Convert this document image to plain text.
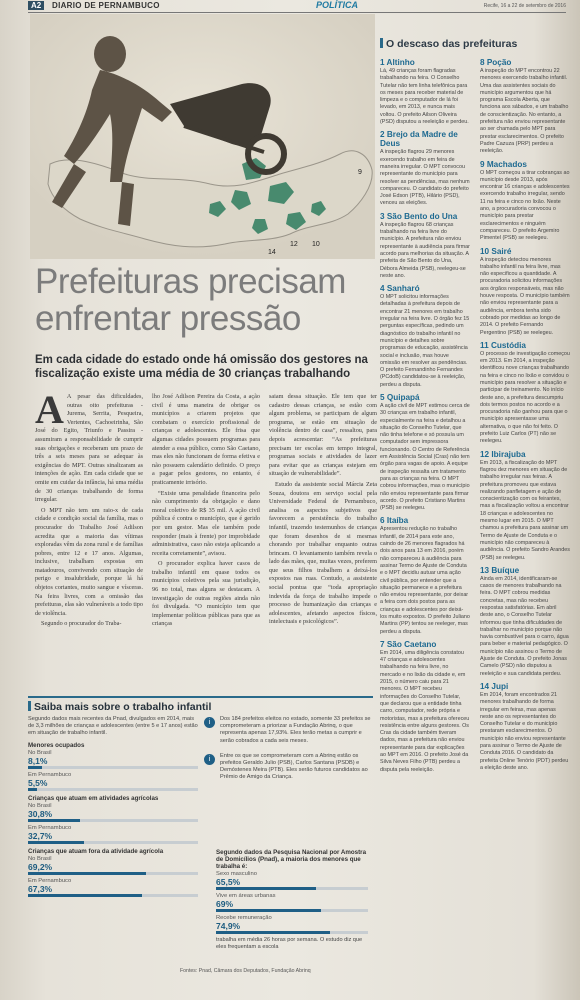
A2	DIARIO DE PERNAMBUCO	POLÍTICA	Recife, 16 a 22 de setembro de 2016
9
12 10
14
Prefeituras precisam enfrentar pressão
Em cada cidade do estado onde há omissão dos gestores na fiscalização existe uma média de 30 crianças trabalhando

A A pesar das dificuldades, outras oito prefeituras - Jurema, Serrita, Pesqueira, Vertentes, Cachoeirinha, São José do Egito, Triunfo e Passira - assumiram a responsabilidade de cumprir suas obrigações e receberam um prazo de três a seis meses para se adequar às exigências do MPT. Outras sinalizaram as intenções de ação. Em cada cidade que se omite em cuidar da infância, há uma média de 30 crianças trabalhando de forma irregular.

O MPT não tem um raio-x de cada cidade e condição social da família, mas o procurador do Trabalho José Adilson acredita que a maioria das vítimas exploradas vêm da zona rural e de famílias pobres, entre 12 e 17 anos. Algumas, inclusive, trabalham expostas em matadouros, convivendo com situação de perigo e insalubridade, porque lá há objetos cortantes, muito sangue e vísceras. Na feira livres, com a omissão das prefeituras, elas são vulneráveis a todo tipo de violência.

Segundo o procurador do Traba-

lho José Adilson Pereira da Costa, a ação civil é uma maneira de obrigar os municípios a criarem projetos que combatam o exercício profissional de crianças e adolescentes. Ele frisa que algumas cidades possuem programas para atender a essa público, como São Caetano, mas eles não funcionam de forma efetiva e não possuem calendário definido. O preço a pagar pelos gestores, no entanto, é praticamente irrisório.

“Existe uma penalidade financeira pelo não cumprimento da obrigação e dano moral coletivo de R$ 35 mil. A ação civil pública é contra o município, que é gerido por um gestor. Mas ele também pode responder (mais à frente) por improbidade administrativa, caso não esteja aplicando a receita corretamente”, avisou.

O procurador explica haver casos de trabalho infantil em quase todos os municípios coletivos pela sua jurisdição, 96 no total, mas alguns se destacam. A investigação de outras regiões ainda não foi divulgada. “O município tem que implementar políticas públicas para que as crianças

saiam dessa situação. Ele tem que ter cadastro dessas crianças, se estão com algum problema, se participam de algum programa, se estão em situação de violência dentro de casa”, ressaltou, para depois acrescentar: “As prefeituras precisam ter escolas em tempo integral, programas sociais e atividades de lazer para evitar que as crianças estejam em situação de vulnerabilidade”.

Estudo da assistente social Márcia Zeta Souza, doutora em serviço social pela Universidade Federal de Pernambuco, analisa os aspectos subjetivos que favorecem a persistência do trabalho infantil, trazendo testemunhos de crianças que foram desenhos de si mesmas chorando por trabalhar enquanto outras brincam. O levantamento também revela o lado das mães, que, muitas vezes, preferem que seus filhos trabalhem a deixá-los expostos nas ruas. Contudo, a assistente social pontua que “toda apropriação indevida da força de trabalho impede o processo de humanização das crianças e adolescentes, afetando aspectos físicos, intelectuais e psicológicos”.

O descaso das prefeituras
1 Altinho

Lá, 49 crianças foram flagradas trabalhando na feira. O Conselho Tutelar não tem linha telefônica para os meses para receber material de limpeza e o computador de lá foi levado, em 2013, e nunca mais voltou. O prefeito Ailson Oliveira (PSD) disputou a reeleição e perdeu.

2 Brejo da Madre de Deus

A inspeção flagrou 29 menores exercendo trabalho em feira de maneira irregular. O MPT convocou representante do município para resolver as pendências, mas nenhum compareceu. O candidato do prefeito José Edson (PTB), Hilário (PSD), venceu as eleições.

3 São Bento do Una

A inspeção flagrou 68 crianças trabalhando na feira livre do município. A prefeitura não enviou representante à audiência para firmar acordo para melhorias da situação. A prefeita de São Bento do Una, Débora Almeida (PSB), reelegeu-se neste ano.

4 Sanharó

O MPT solicitou informações detalhadas à prefeitura depois de encontrar 21 menores em trabalho irregular na feira livre. O órgão fez 15 perguntas específicas, pedindo um diagnóstico do trabalho infantil no município e detalhes sobre programas de educação, assistência social e inclusão, mas houve omissão em resolver as pendências. O prefeito Fernandinho Fernandes (PCdoB) candidatou-se à reeleição, perdeu a disputa.

5 Quipapá

A ação civil de MPT estimou cerca de 30 crianças em trabalho infantil, especialmente na feira e detalhou a situação do Conselho Tutelar, que não tinha telefone e só possuía um computador sem impressora funcionando. O Centro de Referência em Assistência Social (Cras) não tem órgão para vagas de apoio. A equipe de inspeção ressalta um tratamento para as crianças na feira. O MPT cobrou informações, mas o município não enviou representante para firmar acordo. O prefeito Cristiano Martins (PSB) se reelegeu.

6 Itaíba

Apresentou redução no trabalho infantil, de 2014 para este ano, caindo de 26 menores flagrados há dois anos para 13 em 2016, porém não compareceu à audiência para assinar Termo de Ajuste de Conduta e o MPT decidiu autuar uma ação civil pública, por entender que a situação permanece e a prefeitura não enviou representante, por deixar a feira com dois postos para as crianças e adolescentes por deixá-los muito expostos. O prefeito Juliano Martins (PP) tentou se reeleger, mas perdeu a disputa.

7 São Caetano

Em 2014, uma diligência constatou 47 crianças e adolescentes trabalhando na feira livre, no mercado e no lixão da cidade e, em 2015, o número caiu para 21 menores. O MPT recebeu informações do Conselho Tutelar, que declarou que a entidade tinha carro, computador, rede própria e motoristas, mas a prefeitura ofereceu resistência entre alguns gestores. Os Cras da cidade também tiveram dados, mas a prefeitura não enviou representante para dar explicações ao MPT em 2016. O prefeito José da Silva Neves Filho (PTB) perdeu a disputa pela reeleição.

8 Poção

A inspeção do MPT encontrou 22 menores exercendo trabalho infantil. Uma das assistentes sociais do município argumentou que há programa Escola Aberta, que funciona aos sábados, e um trabalho de conscientização. No entanto, a prefeitura não enviou representante ao ser chamada pelo MPT para prestar esclarecimentos. O prefeito Padre Cazuza (PRP) perdeu a reeleição.

9 Machados

O MPT começou a tirar cobranças ao município desde 2013, após encontrar 16 crianças e adolescentes exercendo trabalho irregular, sendo 11 na feira e cinco no lixão. Neste ano, a procuradoria convocou o município para prestar esclarecimentos e ninguém compareceu. O prefeito Argemiro Pimentel (PSB) se reelegeu.

10 Sairé

A inspeção detectou menores trabalho infantil na feira livre, mas não especificou a quantidade. A procuradoria solicitou informações aos órgãos responsáveis, mas não houve resposta. O município também não enviou representante para a audiência, embora tenha sido cobrado por medidas ao longo de 2014. O prefeito Fernando Pergentino (PSB) se reelegeu.

11 Custódia

O processo de investigação começou em 2013. Em 2014, a inspeção identificou nove crianças trabalhando na feira e cinco no lixão e convidou o município para resolver a situação e participar de treinamento. No início deste ano, a prefeitura descumpriu dois termos postos no acordo e a procuradoria não ganhou para que o município apresentasse uma alternativa, o que não foi feito. O prefeito Luiz Carlos (PT) não se reelegeu.

12 Ibirajuba

Em 2013, a fiscalização do MPT flagrou dez menores em situação de trabalho irregular nas feiras. A prefeitura promoveu que estava realizando panfletagem e ação de conscientização com os feirantes, mas a fiscalização voltou a encontrar 18 crianças e adolescentes no mesmo lugar em 2015. O MPT chamou a prefeitura para assinar um Termo de Ajuste de Conduta e o município não compareceu à audiência. O prefeito Sandro Arandes (PSB) se reelegeu.

13 Buíque

Ainda em 2014, identificaram-se casos de menores trabalhando na feira. O MPT cobrou medidas concretas, mas não recebeu respostas satisfatórias. Em abril deste ano, o Conselho Tutelar informou que tinha dificuldades de trabalhar no município porque não havia combustível para o carro, água para beber e material pedagógico. O município não assinou o Termo de Ajuste de Conduta. O prefeito Jonas Camelo (PSD) não disputou a reeleição e sua candidata perdeu.

14 Jupi

Em 2014, foram encontrados 21 menores trabalhando de forma irregular em feiras, mas apenas neste ano os representantes do Conselho Tutelar e do município prestaram esclarecimentos. O município não enviou representante para assinar o Termo de Ajuste de Conduta 2016. O candidato da prefeita Online Tenório (PDT) perdeu a eleição deste ano.

Saiba mais sobre o trabalho infantil
Segundo dados mais recentes da Pnad, divulgados em 2014, mais de 3,3 milhões de crianças e adolescentes (entre 5 e 17 anos) estão em situação de trabalho infantil.
Menores ocupados
No Brasil
8,1%
Em Pernambuco
5,5%
Crianças que atuam em atividades agrícolas
No Brasil
30,8%
Em Pernambuco
32,7%
Crianças que atuam fora da atividade agrícola
No Brasil
69,2%
Em Pernambuco
67,3%
i	Dos 184 prefeitos eleitos no estado, somente 33 prefeitos se comprometeram a priorizar a Fundação Abrinq, o que representa apenas 17,93%. Eles terão metas a cumprir e serão cobrados a cada seis meses.
i	Entre os que se comprometeram com a Abrinq estão os prefeitos Geraldo Julio (PSB), Carlos Santana (PSDB) e Demóstenes Meira (PTB). Eles serão futuros candidatos ao Prêmio de Amigo da Criança.
Segundo dados da Pesquisa Nacional por Amostra de Domicílios (Pnad), a maioria dos menores que trabalha é:
Sexo masculino
65,5%
Vive em áreas urbanas
69%
Recebe remuneração
74,9%
trabalha em média 26 horas por semana. O estudo diz que eles frequentam a escola
Fontes: Pnad, Câmara dos Deputados, Fundação Abrinq
